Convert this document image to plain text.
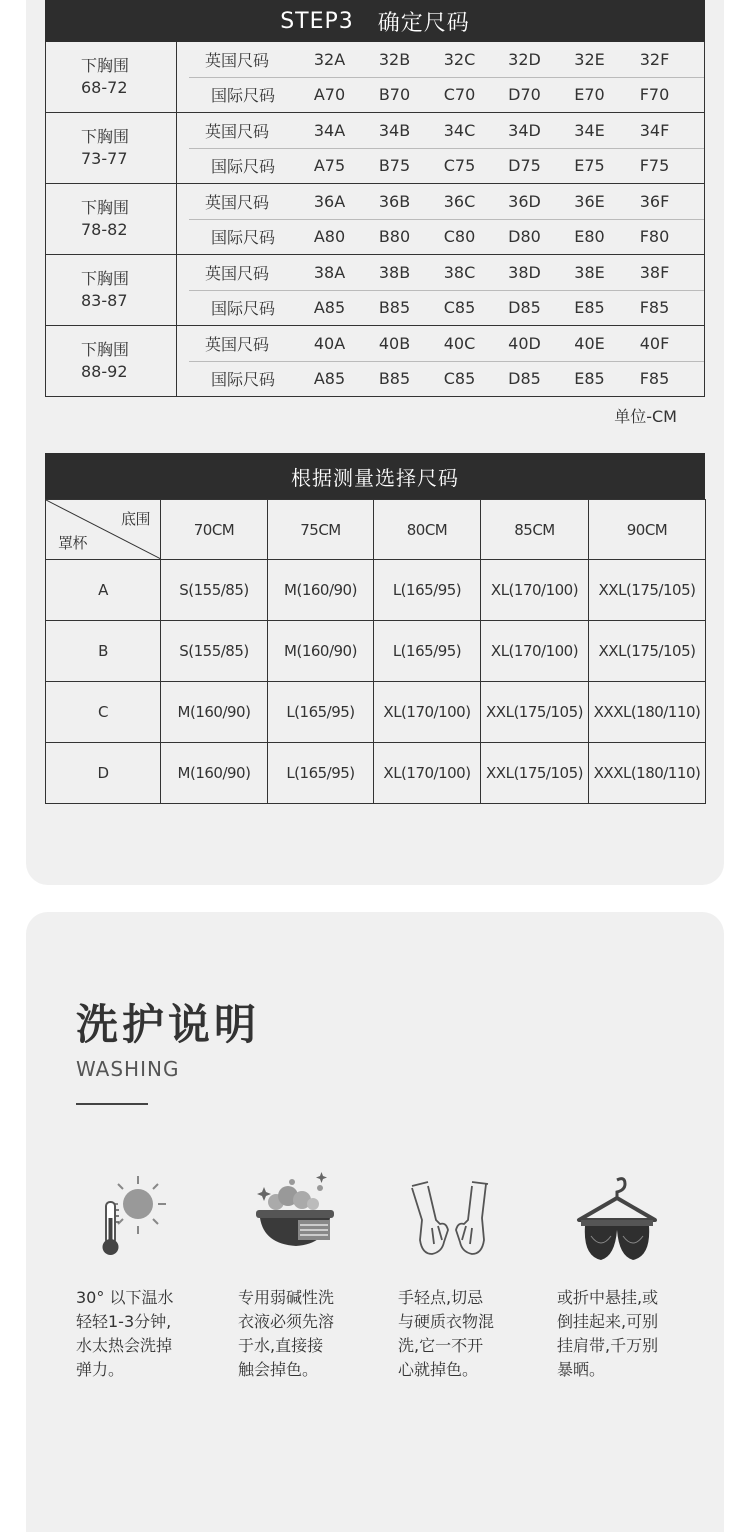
STEP3 确定尺码
下胸围
68-72
英国尺码	32A	32B	32C	32D	32E	32F
国际尺码	A70	B70	C70	D70	E70	F70
下胸围
73-77
英国尺码	34A	34B	34C	34D	34E	34F
国际尺码	A75	B75	C75	D75	E75	F75
下胸围
78-82
英国尺码	36A	36B	36C	36D	36E	36F
国际尺码	A80	B80	C80	D80	E80	F80
下胸围
83-87
英国尺码	38A	38B	38C	38D	38E	38F
国际尺码	A85	B85	C85	D85	E85	F85
下胸围
88-92
英国尺码	40A	40B	40C	40D	40E	40F
国际尺码	A85	B85	C85	D85	E85	F85
单位-CM
根据测量选择尺码
底围
罩杯	70CM	75CM	80CM	85CM	90CM
A	S(155/85)	M(160/90)	L(165/95)	XL(170/100)	XXL(175/105)
B	S(155/85)	M(160/90)	L(165/95)	XL(170/100)	XXL(175/105)
C	M(160/90)	L(165/95)	XL(170/100)	XXL(175/105)	XXXL(180/110)
D	M(160/90)	L(165/95)	XL(170/100)	XXL(175/105)	XXXL(180/110)
洗护说明
WASHING
30° 以下温水
轻轻1-3分钟,
水太热会洗掉
弹力。
专用弱碱性洗
衣液必须先溶
于水,直接接
触会掉色。
手轻点,切忌
与硬质衣物混
洗,它一不开
心就掉色。
或折中悬挂,或
倒挂起来,可别
挂肩带,千万别
暴晒。
